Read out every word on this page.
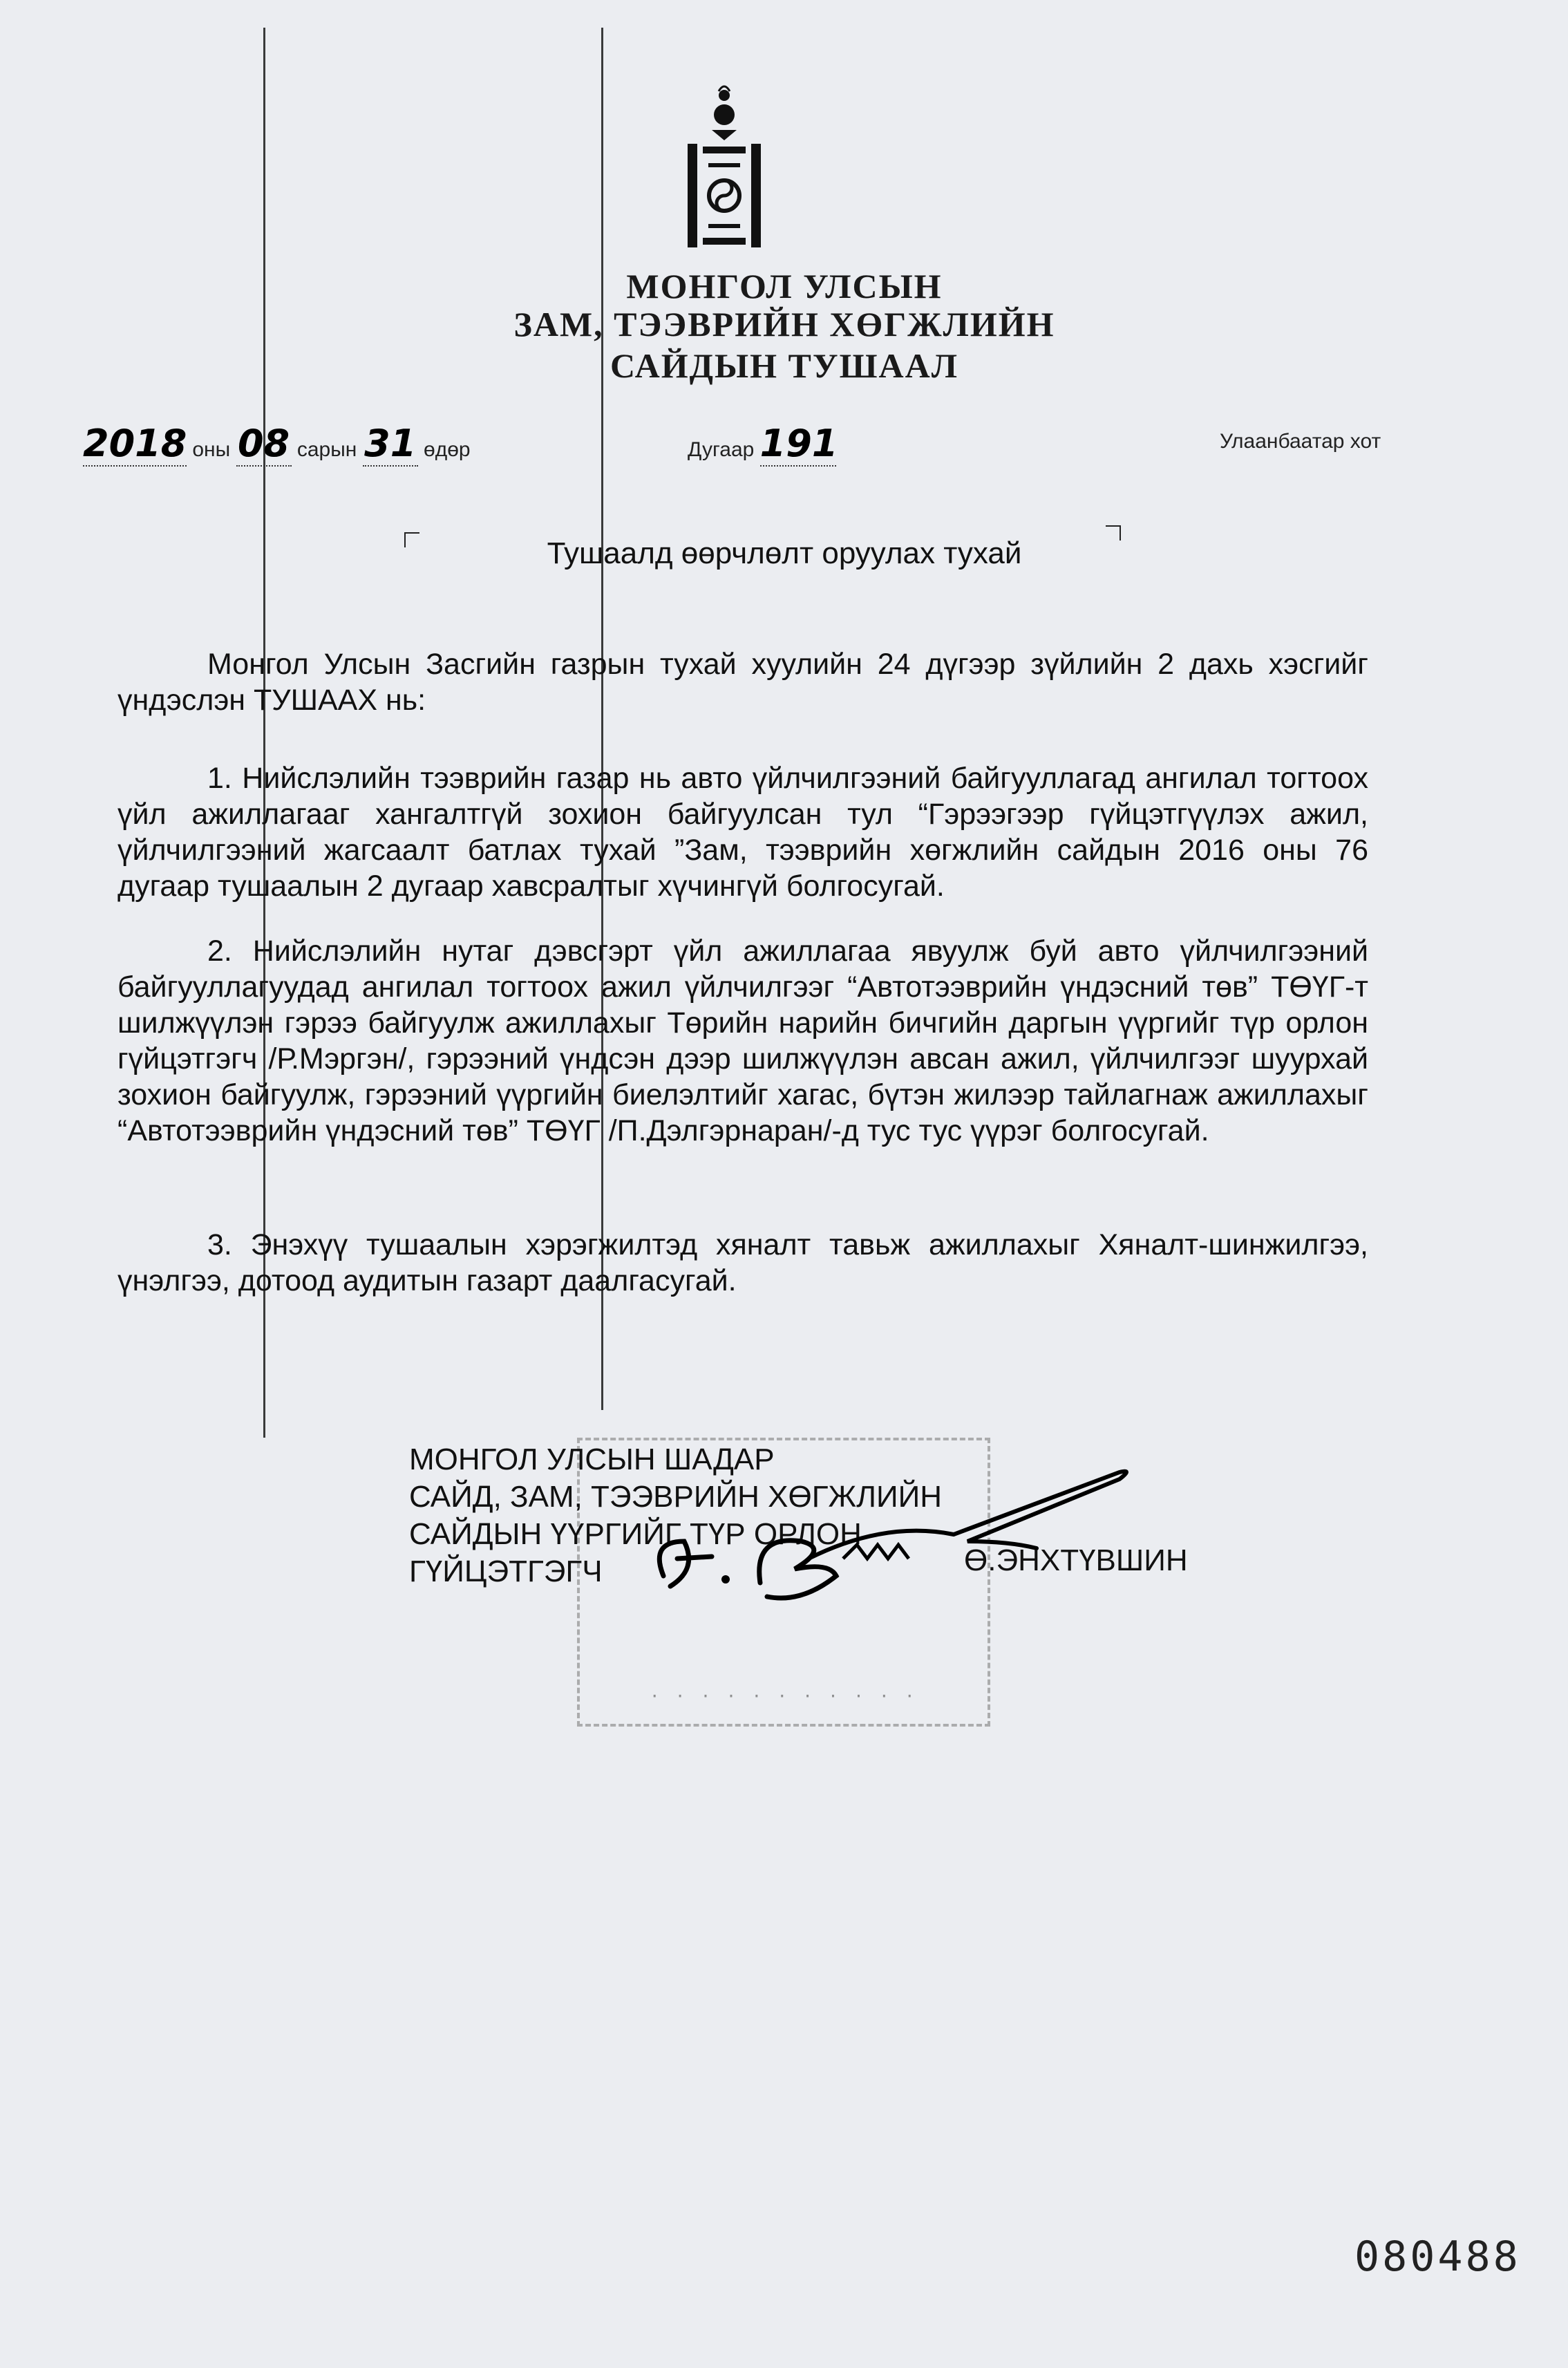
МОНГОЛ УЛСЫН
ЗАМ, ТЭЭВРИЙН ХӨГЖЛИЙН
САЙДЫН ТУШААЛ
2018 оны 08 сарын 31 өдөр	Дугаар 191	Улаанбаатар хот
Тушаалд өөрчлөлт оруулах тухай

Монгол Улсын Засгийн газрын тухай хуулийн 24 дүгээр зүйлийн 2 дахь хэсгийг үндэслэн ТУШААХ нь:

1. Нийслэлийн тээврийн газар нь авто үйлчилгээний байгууллагад ангилал тогтоох үйл ажиллагааг хангалтгүй зохион байгуулсан тул “Гэрээгээр гүйцэтгүүлэх ажил, үйлчилгээний жагсаалт батлах тухай ”Зам, тээврийн хөгжлийн сайдын 2016 оны 76 дугаар тушаалын 2 дугаар хавсралтыг хүчингүй болгосугай.

2. Нийслэлийн нутаг дэвсгэрт үйл ажиллагаа явуулж буй авто үйлчилгээний байгууллагуудад ангилал тогтоох ажил үйлчилгээг “Автотээврийн үндэсний төв” ТӨҮГ-т шилжүүлэн гэрээ байгуулж ажиллахыг Төрийн нарийн бичгийн даргын үүргийг түр орлон гүйцэтгэгч /Р.Мэргэн/, гэрээний үндсэн дээр шилжүүлэн авсан ажил, үйлчилгээг шуурхай зохион байгуулж, гэрээний үүргийн биелэлтийг хагас, бүтэн жилээр тайлагнаж ажиллахыг “Автотээврийн үндэсний төв” ТӨҮГ /П.Дэлгэрнаран/-д тус тус үүрэг болгосугай.

3. Энэхүү тушаалын хэрэгжилтэд хяналт тавьж ажиллахыг Хяналт-шинжилгээ, үнэлгээ, дотоод аудитын газарт даалгасугай.

· · · · · · · · · · ·
МОНГОЛ УЛСЫН ШАДАР
САЙД, ЗАМ, ТЭЭВРИЙН ХӨГЖЛИЙН
САЙДЫН ҮҮРГИЙГ ТҮР ОРЛОН
ГҮЙЦЭТГЭГЧ	Ө.ЭНХТҮВШИН
080488
